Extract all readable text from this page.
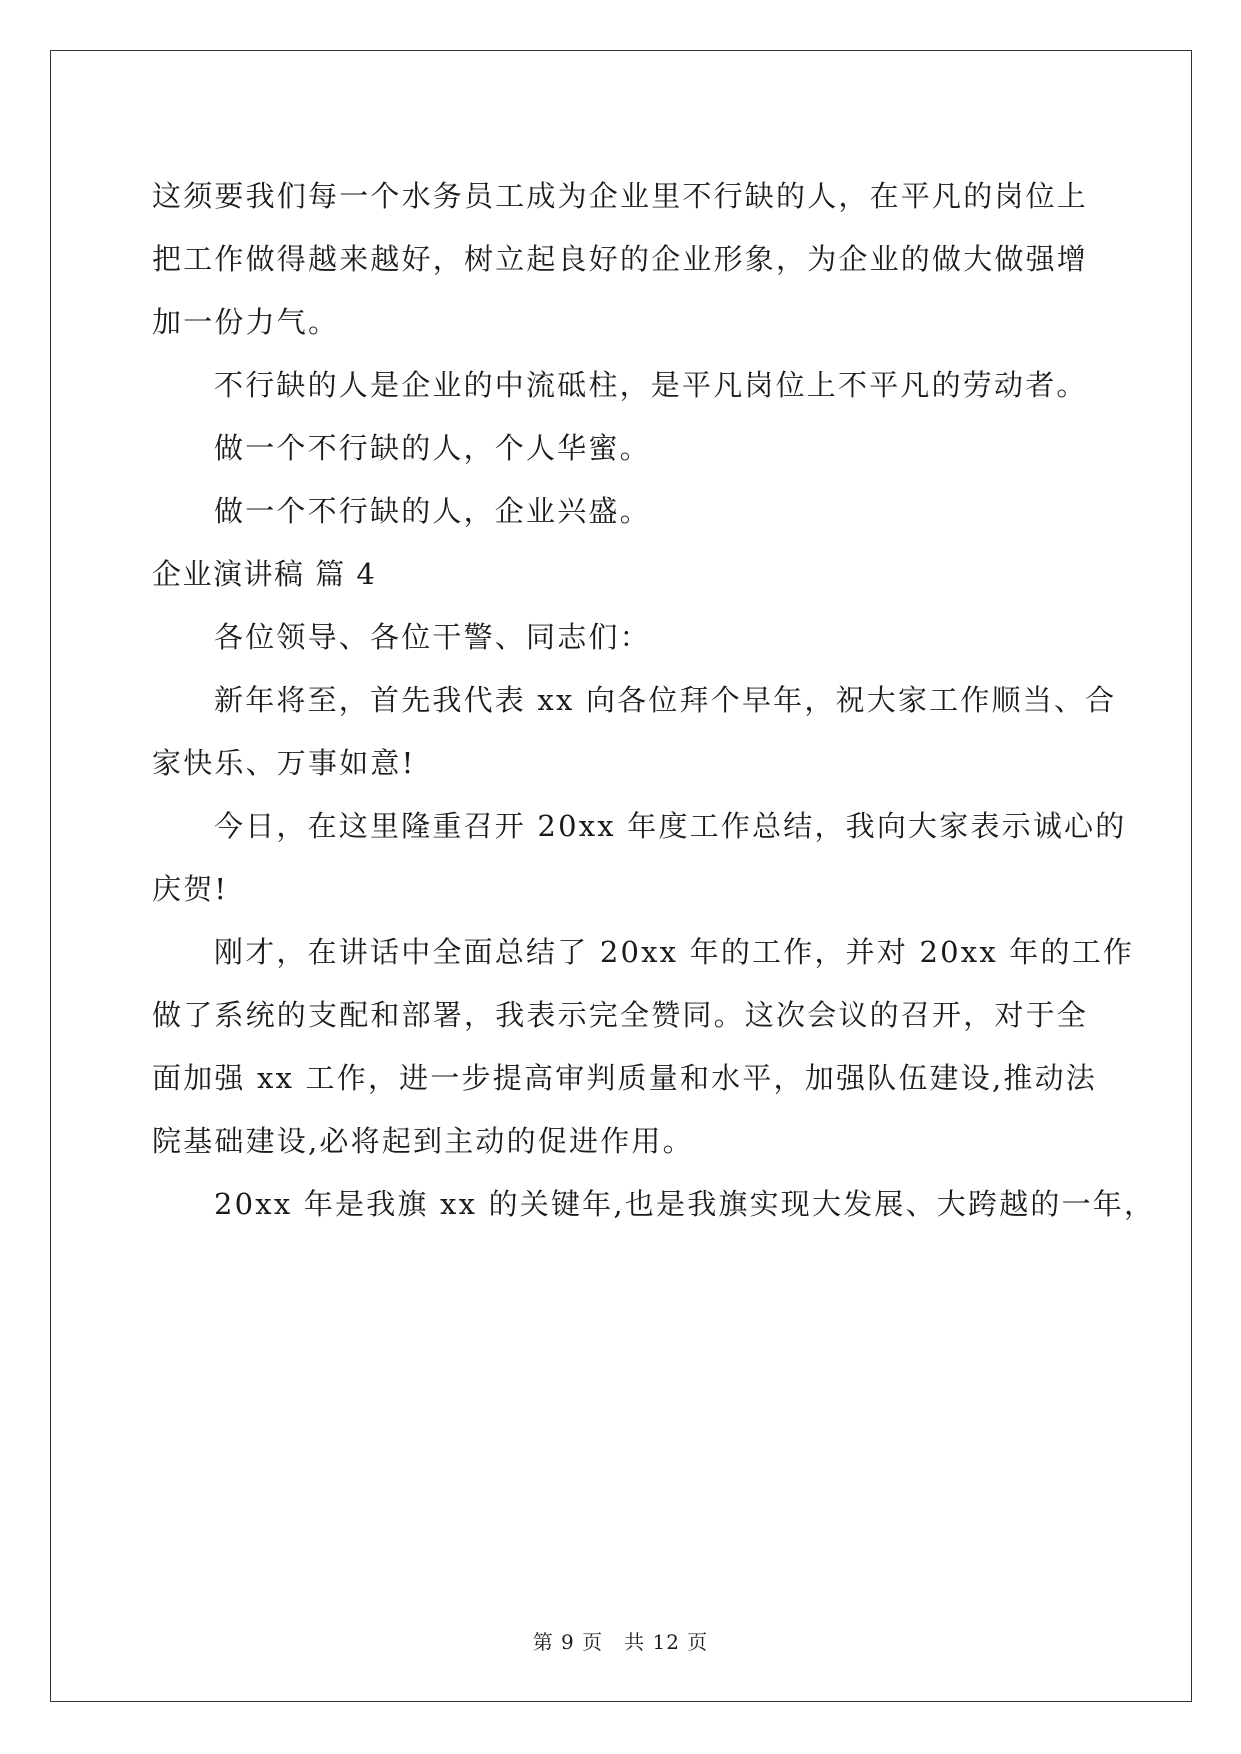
这须要我们每一个水务员工成为企业里不行缺的人，在平凡的岗位上

把工作做得越来越好，树立起良好的企业形象，为企业的做大做强增

加一份力气。

不行缺的人是企业的中流砥柱，是平凡岗位上不平凡的劳动者。

做一个不行缺的人，个人华蜜。

做一个不行缺的人，企业兴盛。

企业演讲稿 篇 4

各位领导、各位干警、同志们：

新年将至，首先我代表 xx 向各位拜个早年，祝大家工作顺当、合

家快乐、万事如意!

今日，在这里隆重召开 20xx 年度工作总结，我向大家表示诚心的

庆贺!

刚才，在讲话中全面总结了 20xx 年的工作，并对 20xx 年的工作

做了系统的支配和部署，我表示完全赞同。这次会议的召开，对于全

面加强 xx 工作，进一步提高审判质量和水平，加强队伍建设,推动法

院基础建设,必将起到主动的促进作用。

20xx 年是我旗 xx 的关键年,也是我旗实现大发展、大跨越的一年，

第 9 页　共 12 页
